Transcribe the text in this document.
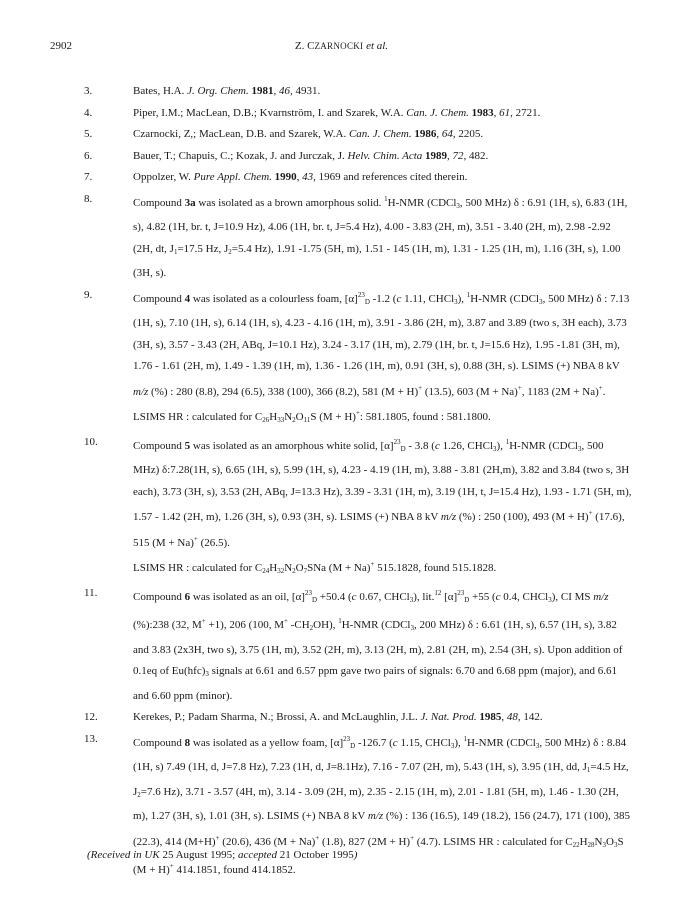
2902	Z. CZARNOCKI et al.
3.	Bates, H.A. J. Org. Chem. 1981, 46, 4931.
4.	Piper, I.M.; MacLean, D.B.; Kvarnström, I. and Szarek, W.A. Can. J. Chem. 1983, 61, 2721.
5.	Czarnocki, Z,; MacLean, D.B. and Szarek, W.A. Can. J. Chem. 1986, 64, 2205.
6.	Bauer, T.; Chapuis, C.; Kozak, J. and Jurczak, J. Helv. Chim. Acta 1989, 72, 482.
7.	Oppolzer, W. Pure Appl. Chem. 1990, 43, 1969 and references cited therein.
8.	Compound 3a was isolated as a brown amorphous solid. $^1$H-NMR (CDCl$_3$, 500 MHz) δ : 6.91 (1H, s), 6.83 (1H, s), 4.82 (1H, br. t, J=10.9 Hz), 4.06 (1H, br. t, J=5.4 Hz), 4.00 - 3.83 (2H, m), 3.51 - 3.40 (2H, m), 2.98 -2.92 (2H, dt, $J_1=17.5$ Hz, $J_2=5.4$ Hz), 1.91 -1.75 (5H, m), 1.51 - 145 (1H, m), 1.31 - 1.25 (1H, m), 1.16 (3H, s), 1.00 (3H, s).
9.	Compound 4 was isolated as a colourless foam, $[\alpha]^{23}_D$ -1.2 (c 1.11, CHCl$_3$), $^1$H-NMR (CDCl$_3$, 500 MHz) δ : 7.13 (1H, s), 7.10 (1H, s), 6.14 (1H, s), 4.23 - 4.16 (1H, m), 3.91 - 3.86 (2H, m), 3.87 and 3.89 (two s, 3H each), 3.73 (3H, s), 3.57 - 3.43 (2H, ABq, J=10.1 Hz), 3.24 - 3.17 (1H, m), 2.79 (1H, br. t, J=15.6 Hz), 1.95 -1.81 (3H, m), 1.76 - 1.61 (2H, m), 1.49 - 1.39 (1H, m), 1.36 - 1.26 (1H, m), 0.91 (3H, s), 0.88 (3H, s). LSIMS (+) NBA 8 kV m/z (%) : 280 (8.8), 294 (6.5), 338 (100), 366 (8.2), 581 (M + H)+ (13.5), 603 (M + Na)+, 1183 (2M + Na)+. LSIMS HR : calculated for $C_{26}H_{33}N_2O_{11}S$ (M + H)+: 581.1805, found : 581.1800.
10.	Compound 5 was isolated as an amorphous white solid, $[\alpha]^{23}_D - 3.8$ (c 1.26, CHCl$_3$), $^1$H-NMR (CDCl$_3$, 500 MHz) δ:7.28(1H, s), 6.65 (1H, s), 5.99 (1H, s), 4.23 - 4.19 (1H, m), 3.88 - 3.81 (2H,m), 3.82 and 3.84 (two s, 3H each), 3.73 (3H, s), 3.53 (2H, ABq, J=13.3 Hz), 3.39 - 3.31 (1H, m), 3.19 (1H, t, J=15.4 Hz), 1.93 - 1.71 (5H, m), 1.57 - 1.42 (2H, m), 1.26 (3H, s), 0.93 (3H, s). LSIMS (+) NBA 8 kV m/z (%) : 250 (100), 493 (M + H)+ (17.6), 515 (M + Na)+ (26.5).
LSIMS HR : calculated for $C_{24}H_{32}N_2O_7SNa$ (M + Na)+ 515.1828, found 515.1828.
11.	Compound 6 was isolated as an oil, $[\alpha]^{23}_D +50.4$ (c 0.67, CHCl$_3$), lit.$^{12}$ $[\alpha]^{23}_D +55$ (c 0.4, CHCl$_3$), CI MS m/z (%):238 (32, M+ +1), 206 (100, M+ $-CH_2OH$), $^1$H-NMR (CDCl$_3$, 200 MHz) δ : 6.61 (1H, s), 6.57 (1H, s), 3.82 and 3.83 (2x3H, two s), 3.75 (1H, m), 3.52 (2H, m), 3.13 (2H, m), 2.81 (2H, m), 2.54 (3H, s). Upon addition of 0.1eq of $Eu(hfc)_3$ signals at 6.61 and 6.57 ppm gave two pairs of signals: 6.70 and 6.68 ppm (major), and 6.61 and 6.60 ppm (minor).
12.	Kerekes, P.; Padam Sharma, N.; Brossi, A. and McLaughlin, J.L. J. Nat. Prod. 1985, 48, 142.
13.	Compound 8 was isolated as a yellow foam, $[\alpha]^{23}_D$ -126.7 (c 1.15, CHCl$_3$), $^1$H-NMR (CDCl$_3$, 500 MHz) δ : 8.84 (1H, s) 7.49 (1H, d, J=7.8 Hz), 7.23 (1H, d, J=8.1Hz), 7.16 - 7.07 (2H, m), 5.43 (1H, s), 3.95 (1H, dd, $J_1=4.5$ Hz, $J_2=7.6$ Hz), 3.71 - 3.57 (4H, m), 3.14 - 3.09 (2H, m), 2.35 - 2.15 (1H, m), 2.01 - 1.81 (5H, m), 1.46 - 1.30 (2H, m), 1.27 (3H, s), 1.01 (3H, s). LSIMS (+) NBA 8 kV m/z (%) : 136 (16.5), 149 (18.2), 156 (24.7), 171 (100), 385 (22.3), 414 (M+H)+ (20.6), 436 (M + Na)+ (1.8), 827 (2M + H)+ (4.7). LSIMS HR : calculated for $C_{22}H_{28}N_3O_3S$ (M + H)+ 414.1851, found 414.1852.
(Received in UK 25 August 1995; accepted 21 October 1995)
